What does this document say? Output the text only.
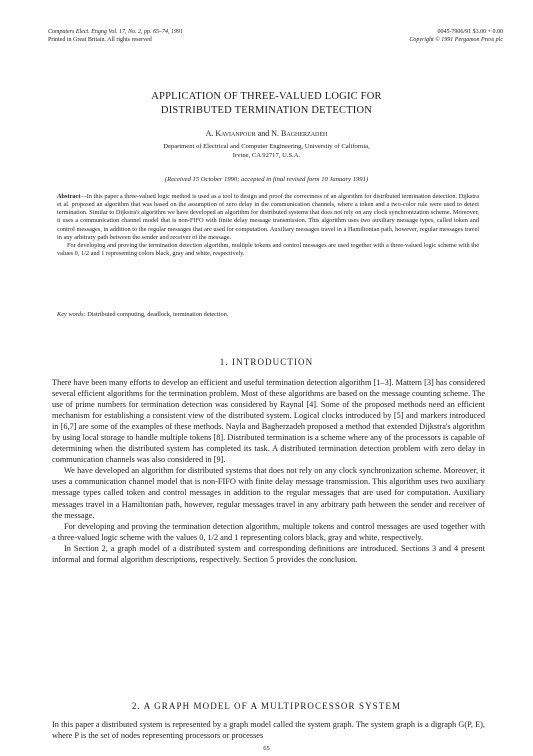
Computers Elect. Engng Vol. 17, No. 2, pp. 65–74, 1991
Printed in Great Britain. All rights reserved
0045-7906/91 $3.00 + 0.00
Copyright © 1991 Pergamon Press plc
APPLICATION OF THREE-VALUED LOGIC FOR
DISTRIBUTED TERMINATION DETECTION
A. Kavianpour and N. Bagherzadeh
Department of Electrical and Computer Engineering, University of California,
Irvine, CA 92717, U.S.A.
(Received 15 October 1990; accepted in final revised form 10 January 1991)

Abstract—In this paper a three-valued logic method is used as a tool to design and proof the correctness of an algorithm for distributed termination detection. Dijkstra et al. proposed an algorithm that was based on the assumption of zero delay in the communication channels, where a token and a two-color rule were used to detect termination. Similar to Dijkstra's algorithm we have developed an algorithm for distributed systems that does not rely on any clock synchronization scheme. Moreover, it uses a communication channel model that is non-FIFO with finite delay message transmission. This algorithm uses two auxiliary message types, called token and control messages, in addition to the regular messages that are used for computation. Auxiliary messages travel in a Hamiltonian path, however, regular messages travel in any arbitrary path between the sender and receiver of the message.

For developing and proving the termination detection algorithm, multiple tokens and control messages are used together with a three-valued logic scheme with the values 0, 1/2 and 1 representing colors black, gray and white, respectively.

Key words: Distributed computing, deadlock, termination detection.
1. INTRODUCTION

There have been many efforts to develop an efficient and useful termination detection algorithm [1–3]. Mattern [3] has considered several efficient algorithms for the termination problem. Most of these algorithms are based on the message counting scheme. The use of prime numbers for termination detection was considered by Raynal [4]. Some of the proposed methods need an efficient mechanism for establishing a consistent view of the distributed system. Logical clocks introduced by [5] and markers introduced in [6,7] are some of the examples of these methods. Nayla and Bagherzadeh proposed a method that extended Dijkstra's algorithm by using local storage to handle multiple tokens [8]. Distributed termination is a scheme where any of the processors is capable of determining when the distributed system has completed its task. A distributed termination detection problem with zero delay in communication channels was also considered in [9].

We have developed an algorithm for distributed systems that does not rely on any clock synchronization scheme. Moreover, it uses a communication channel model that is non-FIFO with finite delay message transmission. This algorithm uses two auxiliary message types called token and control messages in addition to the regular messages that are used for computation. Auxiliary messages travel in a Hamiltonian path, however, regular messages travel in any arbitrary path between the sender and receiver of the message.

For developing and proving the termination detection algorithm, multiple tokens and control messages are used together with a three-valued logic scheme with the values 0, 1/2 and 1 representing colors black, gray and white, respectively.

In Section 2, a graph model of a distributed system and corresponding definitions are introduced. Sections 3 and 4 present informal and formal algorithm descriptions, respectively. Section 5 provides the conclusion.

2. A GRAPH MODEL OF A MULTIPROCESSOR SYSTEM

In this paper a distributed system is represented by a graph model called the system graph. The system graph is a digraph G(P, E), where P is the set of nodes representing processors or processes

65
